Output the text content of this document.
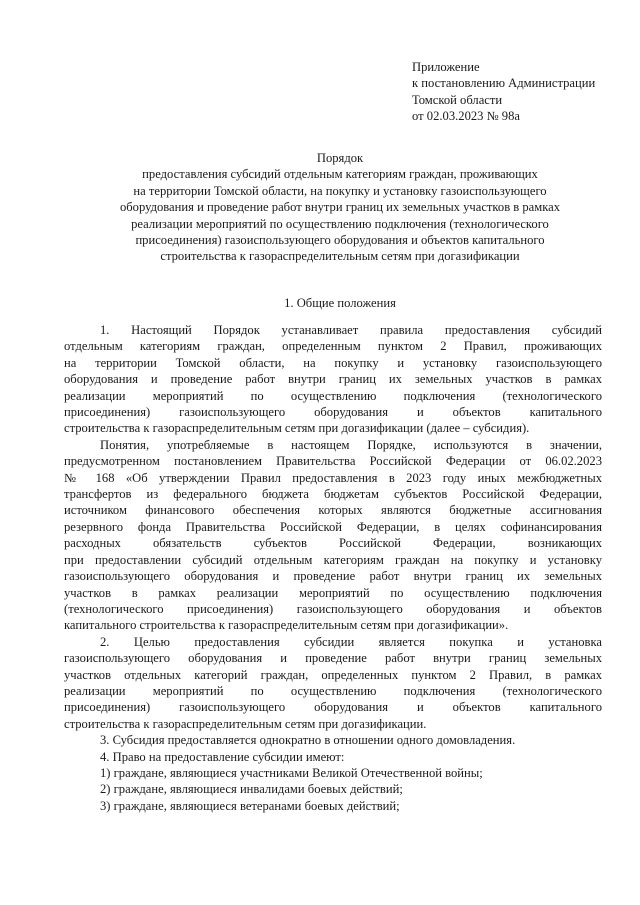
Приложение
к постановлению Администрации
Томской области
от 02.03.2023 № 98а
Порядок
предоставления субсидий отдельным категориям граждан, проживающих
на территории Томской области, на покупку и установку газоиспользующего
оборудования и проведение работ внутри границ их земельных участков в рамках
реализации мероприятий по осуществлению подключения (технологического
присоединения) газоиспользующего оборудования и объектов капитального
строительства к газораспределительным сетям при догазификации
1. Общие положения

1. Настоящий Порядок устанавливает правила предоставления субсидий

отдельным категориям граждан, определенным пунктом 2 Правил, проживающих

на территории Томской области, на покупку и установку газоиспользующего

оборудования и проведение работ внутри границ их земельных участков в рамках

реализации мероприятий по осуществлению подключения (технологического

присоединения) газоиспользующего оборудования и объектов капитального

строительства к газораспределительным сетям при догазификации (далее – субсидия).

Понятия, употребляемые в настоящем Порядке, используются в значении,

предусмотренном постановлением Правительства Российской Федерации от 06.02.2023

№ 168 «Об утверждении Правил предоставления в 2023 году иных межбюджетных

трансфертов из федерального бюджета бюджетам субъектов Российской Федерации,

источником финансового обеспечения которых являются бюджетные ассигнования

резервного фонда Правительства Российской Федерации, в целях софинансирования

расходных обязательств субъектов Российской Федерации, возникающих

при предоставлении субсидий отдельным категориям граждан на покупку и установку

газоиспользующего оборудования и проведение работ внутри границ их земельных

участков в рамках реализации мероприятий по осуществлению подключения

(технологического присоединения) газоиспользующего оборудования и объектов

капитального строительства к газораспределительным сетям при догазификации».

2. Целью предоставления субсидии является покупка и установка

газоиспользующего оборудования и проведение работ внутри границ земельных

участков отдельных категорий граждан, определенных пунктом 2 Правил, в рамках

реализации мероприятий по осуществлению подключения (технологического

присоединения) газоиспользующего оборудования и объектов капитального

строительства к газораспределительным сетям при догазификации.

3. Субсидия предоставляется однократно в отношении одного домовладения.

4. Право на предоставление субсидии имеют:

1) граждане, являющиеся участниками Великой Отечественной войны;

2) граждане, являющиеся инвалидами боевых действий;

3) граждане, являющиеся ветеранами боевых действий;
